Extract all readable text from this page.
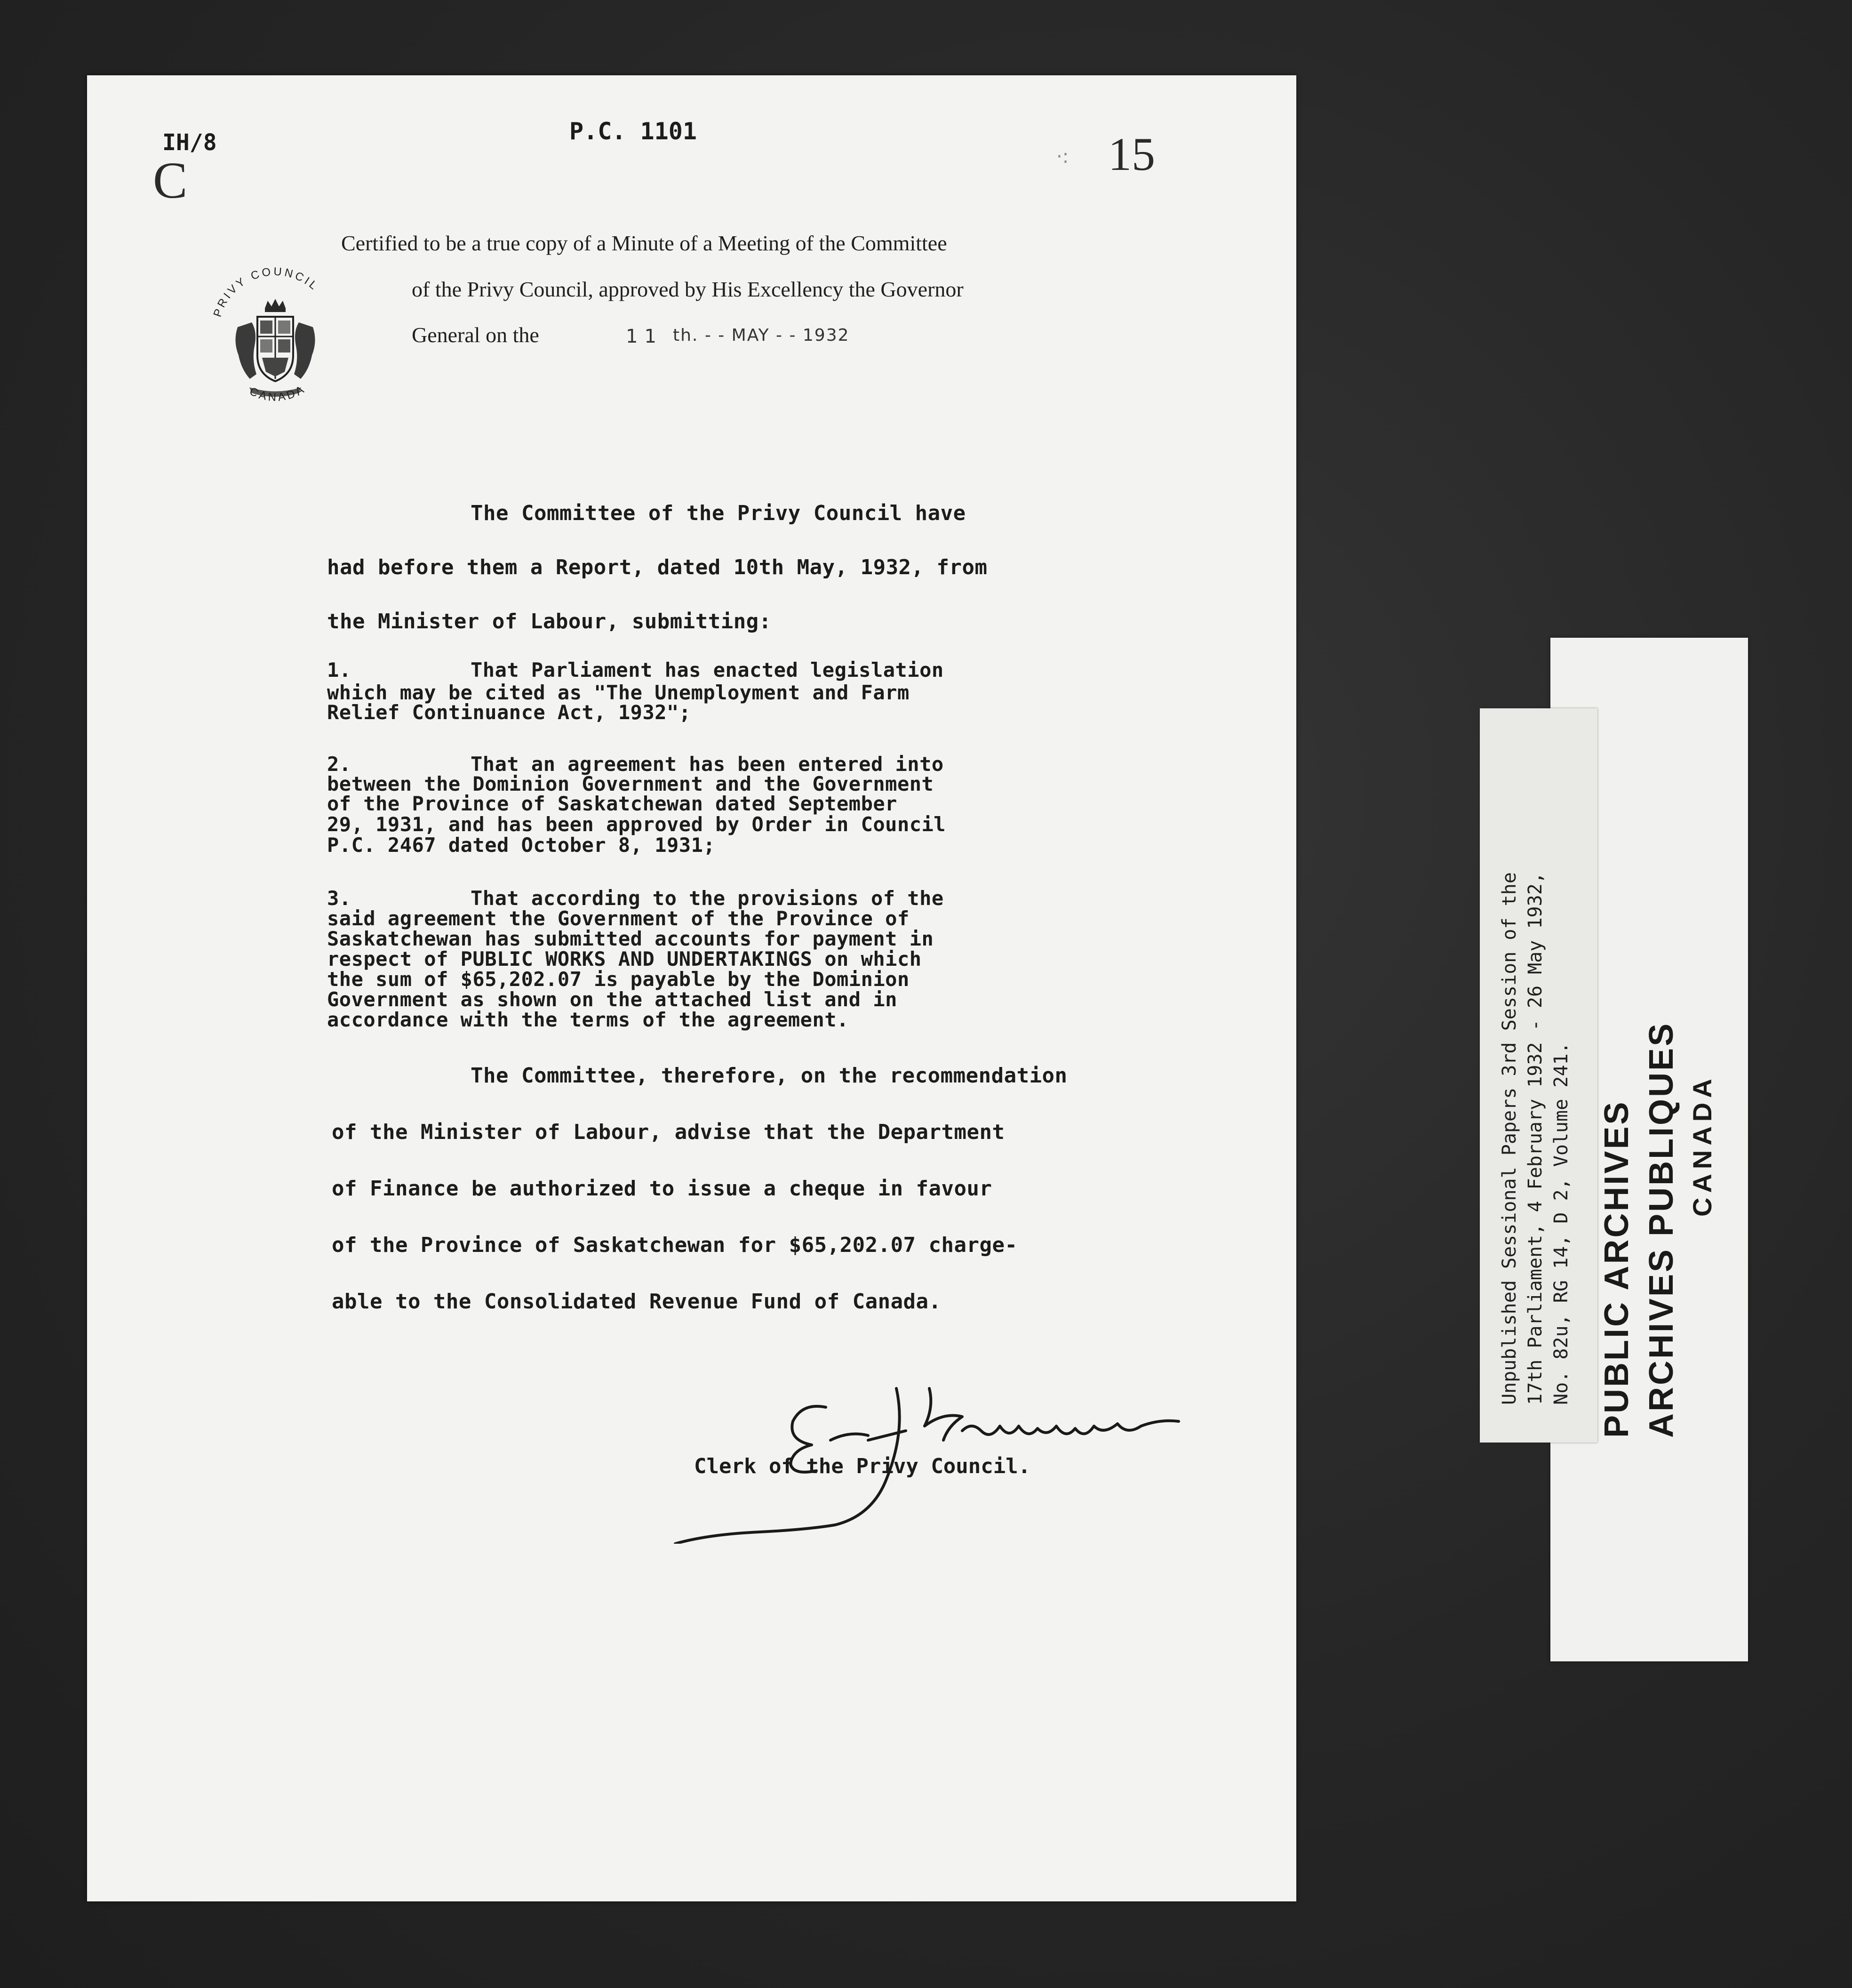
IH/8
C
P.C. 1101
·: 15
PRIVY COUNCIL
CANADA
Certified to be a true copy of a Minute of a Meeting of the Committee
of the Privy Council, approved by His Excellency the Governor
General on the	11 th. - - MAY - - 1932
The Committee of the Privy Council have
had before them a Report, dated 10th May, 1932, from
the Minister of Labour, submitting:
1.	That Parliament has enacted legislation
which may be cited as "The Unemployment and Farm
Relief Continuance Act, 1932";
2.	That an agreement has been entered into
between the Dominion Government and the Government
of the Province of Saskatchewan dated September
29, 1931, and has been approved by Order in Council
P.C. 2467 dated October 8, 1931;
3.	That according to the provisions of the
said agreement the Government of the Province of
Saskatchewan has submitted accounts for payment in
respect of PUBLIC WORKS AND UNDERTAKINGS on which
the sum of $65,202.07 is payable by the Dominion
Government as shown on the attached list and in
accordance with the terms of the agreement.
The Committee, therefore, on the recommendation
of the Minister of Labour, advise that the Department
of Finance be authorized to issue a cheque in favour
of the Province of Saskatchewan for $65,202.07 charge-
able to the Consolidated Revenue Fund of Canada.
Clerk of the Privy Council.
PUBLIC ARCHIVES ARCHIVES PUBLIQUES CANADA
Unpublished Sessional Papers 3rd Session of the 17th Parliament, 4 February 1932 - 26 May 1932, No. 82u, RG 14, D 2, Volume 241.
